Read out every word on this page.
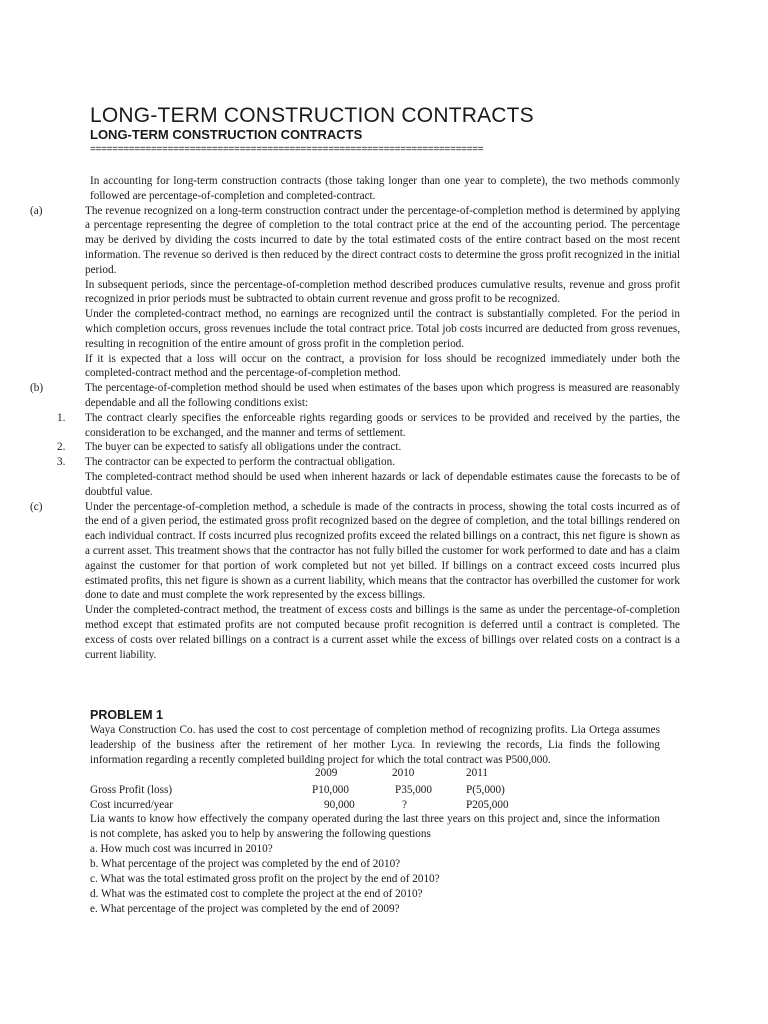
LONG-TERM CONSTRUCTION CONTRACTS
LONG-TERM CONSTRUCTION CONTRACTS
=======================================================================

In accounting for long-term construction contracts (those taking longer than one year to complete), the two methods commonly followed are percentage-of-completion and completed-contract.

(a)	The revenue recognized on a long-term construction contract under the percentage-of-completion method is determined by applying a percentage representing the degree of completion to the total contract price at the end of the accounting period. The percentage may be derived by dividing the costs incurred to date by the total estimated costs of the entire contract based on the most recent information. The revenue so derived is then reduced by the direct contract costs to determine the gross profit recognized in the initial period.

In subsequent periods, since the percentage-of-completion method described produces cumulative results, revenue and gross profit recognized in prior periods must be subtracted to obtain current revenue and gross profit to be recognized.

Under the completed-contract method, no earnings are recognized until the contract is substantially completed. For the period in which completion occurs, gross revenues include the total contract price. Total job costs incurred are deducted from gross revenues, resulting in recognition of the entire amount of gross profit in the completion period.

If it is expected that a loss will occur on the contract, a provision for loss should be recognized immediately under both the completed-contract method and the percentage-of-completion method.

(b)	The percentage-of-completion method should be used when estimates of the bases upon which progress is measured are reasonably dependable and all the following conditions exist:

1. The contract clearly specifies the enforceable rights regarding goods or services to be provided and received by the parties, the consideration to be exchanged, and the manner and terms of settlement.

2. The buyer can be expected to satisfy all obligations under the contract.

3. The contractor can be expected to perform the contractual obligation.

The completed-contract method should be used when inherent hazards or lack of dependable estimates cause the forecasts to be of doubtful value.

(c)	Under the percentage-of-completion method, a schedule is made of the contracts in process, showing the total costs incurred as of the end of a given period, the estimated gross profit recognized based on the degree of completion, and the total billings rendered on each individual contract. If costs incurred plus recognized profits exceed the related billings on a contract, this net figure is shown as a current asset. This treatment shows that the contractor has not fully billed the customer for work performed to date and has a claim against the customer for that portion of work completed but not yet billed. If billings on a contract exceed costs incurred plus estimated profits, this net figure is shown as a current liability, which means that the contractor has overbilled the customer for work done to date and must complete the work represented by the excess billings.

Under the completed-contract method, the treatment of excess costs and billings is the same as under the percentage-of-completion method except that estimated profits are not computed because profit recognition is deferred until a contract is completed. The excess of costs over related billings on a contract is a current asset while the excess of billings over related costs on a contract is a current liability.

PROBLEM 1
Waya Construction Co. has used the cost to cost percentage of completion method of recognizing profits. Lia Ortega assumes leadership of the business after the retirement of her mother Lyca. In reviewing the records, Lia finds the following information regarding a recently completed building project for which the total contract was P500,000.
2009	2010	2011
Gross Profit (loss)	P10,000	P35,000	P(5,000)
Cost incurred/year	90,000	?	P205,000
Lia wants to know how effectively the company operated during the last three years on this project and, since the information is not complete, has asked you to help by answering the following questions
a. How much cost was incurred in 2010?
b. What percentage of the project was completed by the end of 2010?
c. What was the total estimated gross profit on the project by the end of 2010?
d. What was the estimated cost to complete the project at the end of 2010?
e. What percentage of the project was completed by the end of 2009?
